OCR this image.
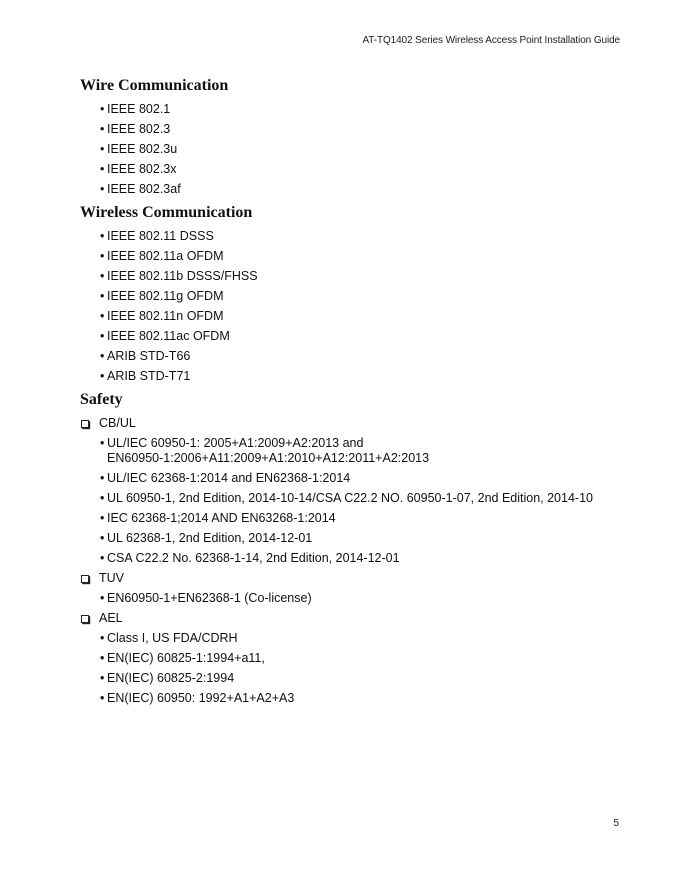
AT-TQ1402 Series Wireless Access Point Installation Guide
Wire Communication
• IEEE 802.1
• IEEE 802.3
• IEEE 802.3u
• IEEE 802.3x
• IEEE 802.3af
Wireless Communication
• IEEE 802.11 DSSS
• IEEE 802.11a OFDM
• IEEE 802.11b DSSS/FHSS
• IEEE 802.11g OFDM
• IEEE 802.11n OFDM
• IEEE 802.11ac OFDM
• ARIB STD-T66
• ARIB STD-T71
Safety
CB/UL
• UL/IEC 60950-1: 2005+A1:2009+A2:2013 and
EN60950-1:2006+A11:2009+A1:2010+A12:2011+A2:2013
• UL/IEC 62368-1:2014 and EN62368-1:2014
• UL 60950-1, 2nd Edition, 2014-10-14/CSA C22.2 NO. 60950-1-07, 2nd Edition, 2014-10
• IEC 62368-1;2014 AND EN63268-1:2014
• UL 62368-1, 2nd Edition, 2014-12-01
• CSA C22.2 No. 62368-1-14, 2nd Edition, 2014-12-01
TUV
• EN60950-1+EN62368-1 (Co-license)
AEL
• Class I, US FDA/CDRH
• EN(IEC) 60825-1:1994+a11,
• EN(IEC) 60825-2:1994
• EN(IEC) 60950: 1992+A1+A2+A3
5
